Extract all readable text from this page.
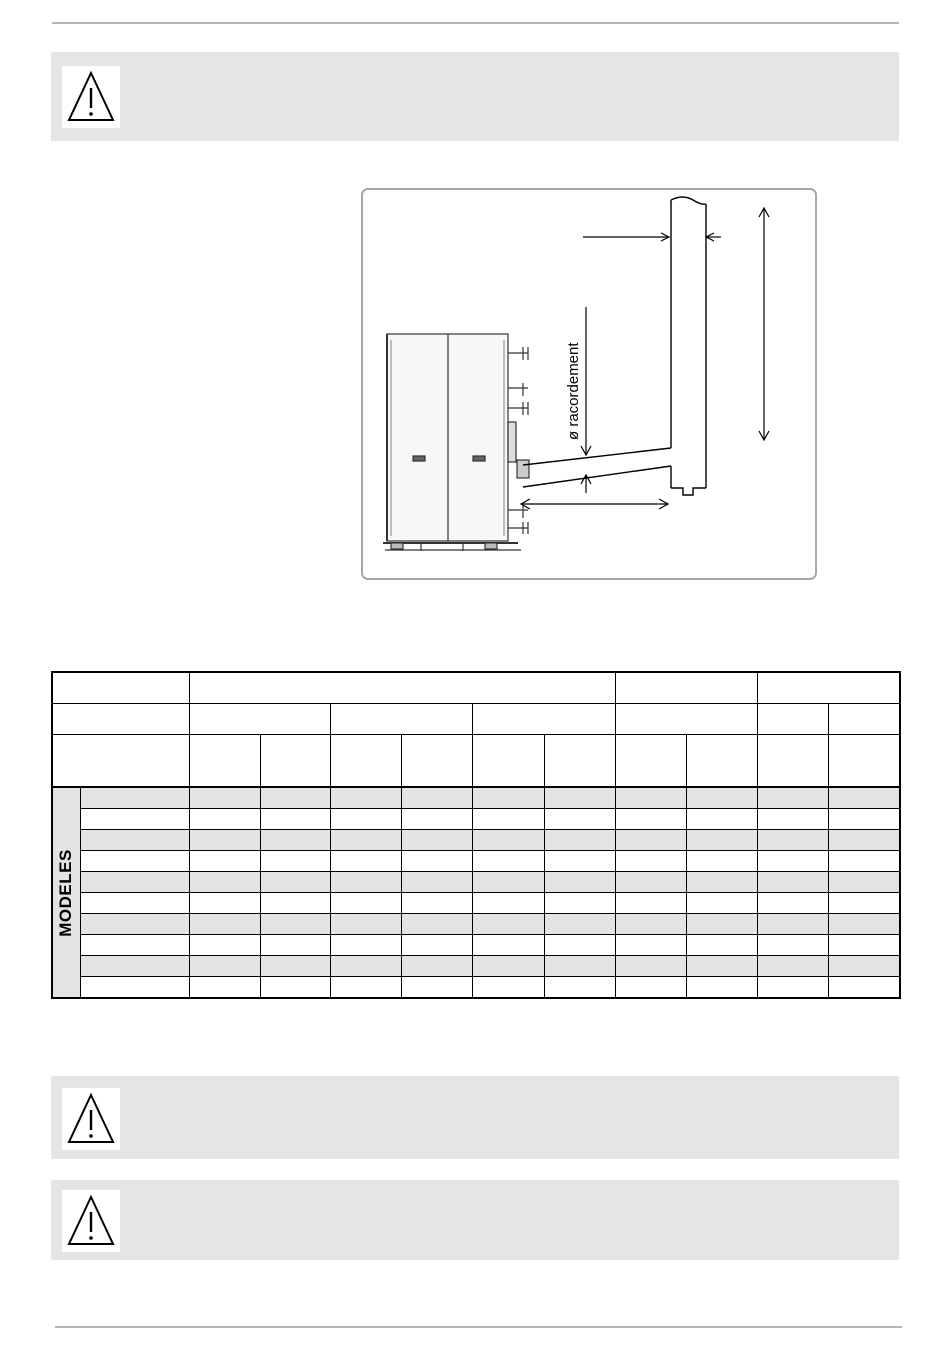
ø racordement

MODELES											
